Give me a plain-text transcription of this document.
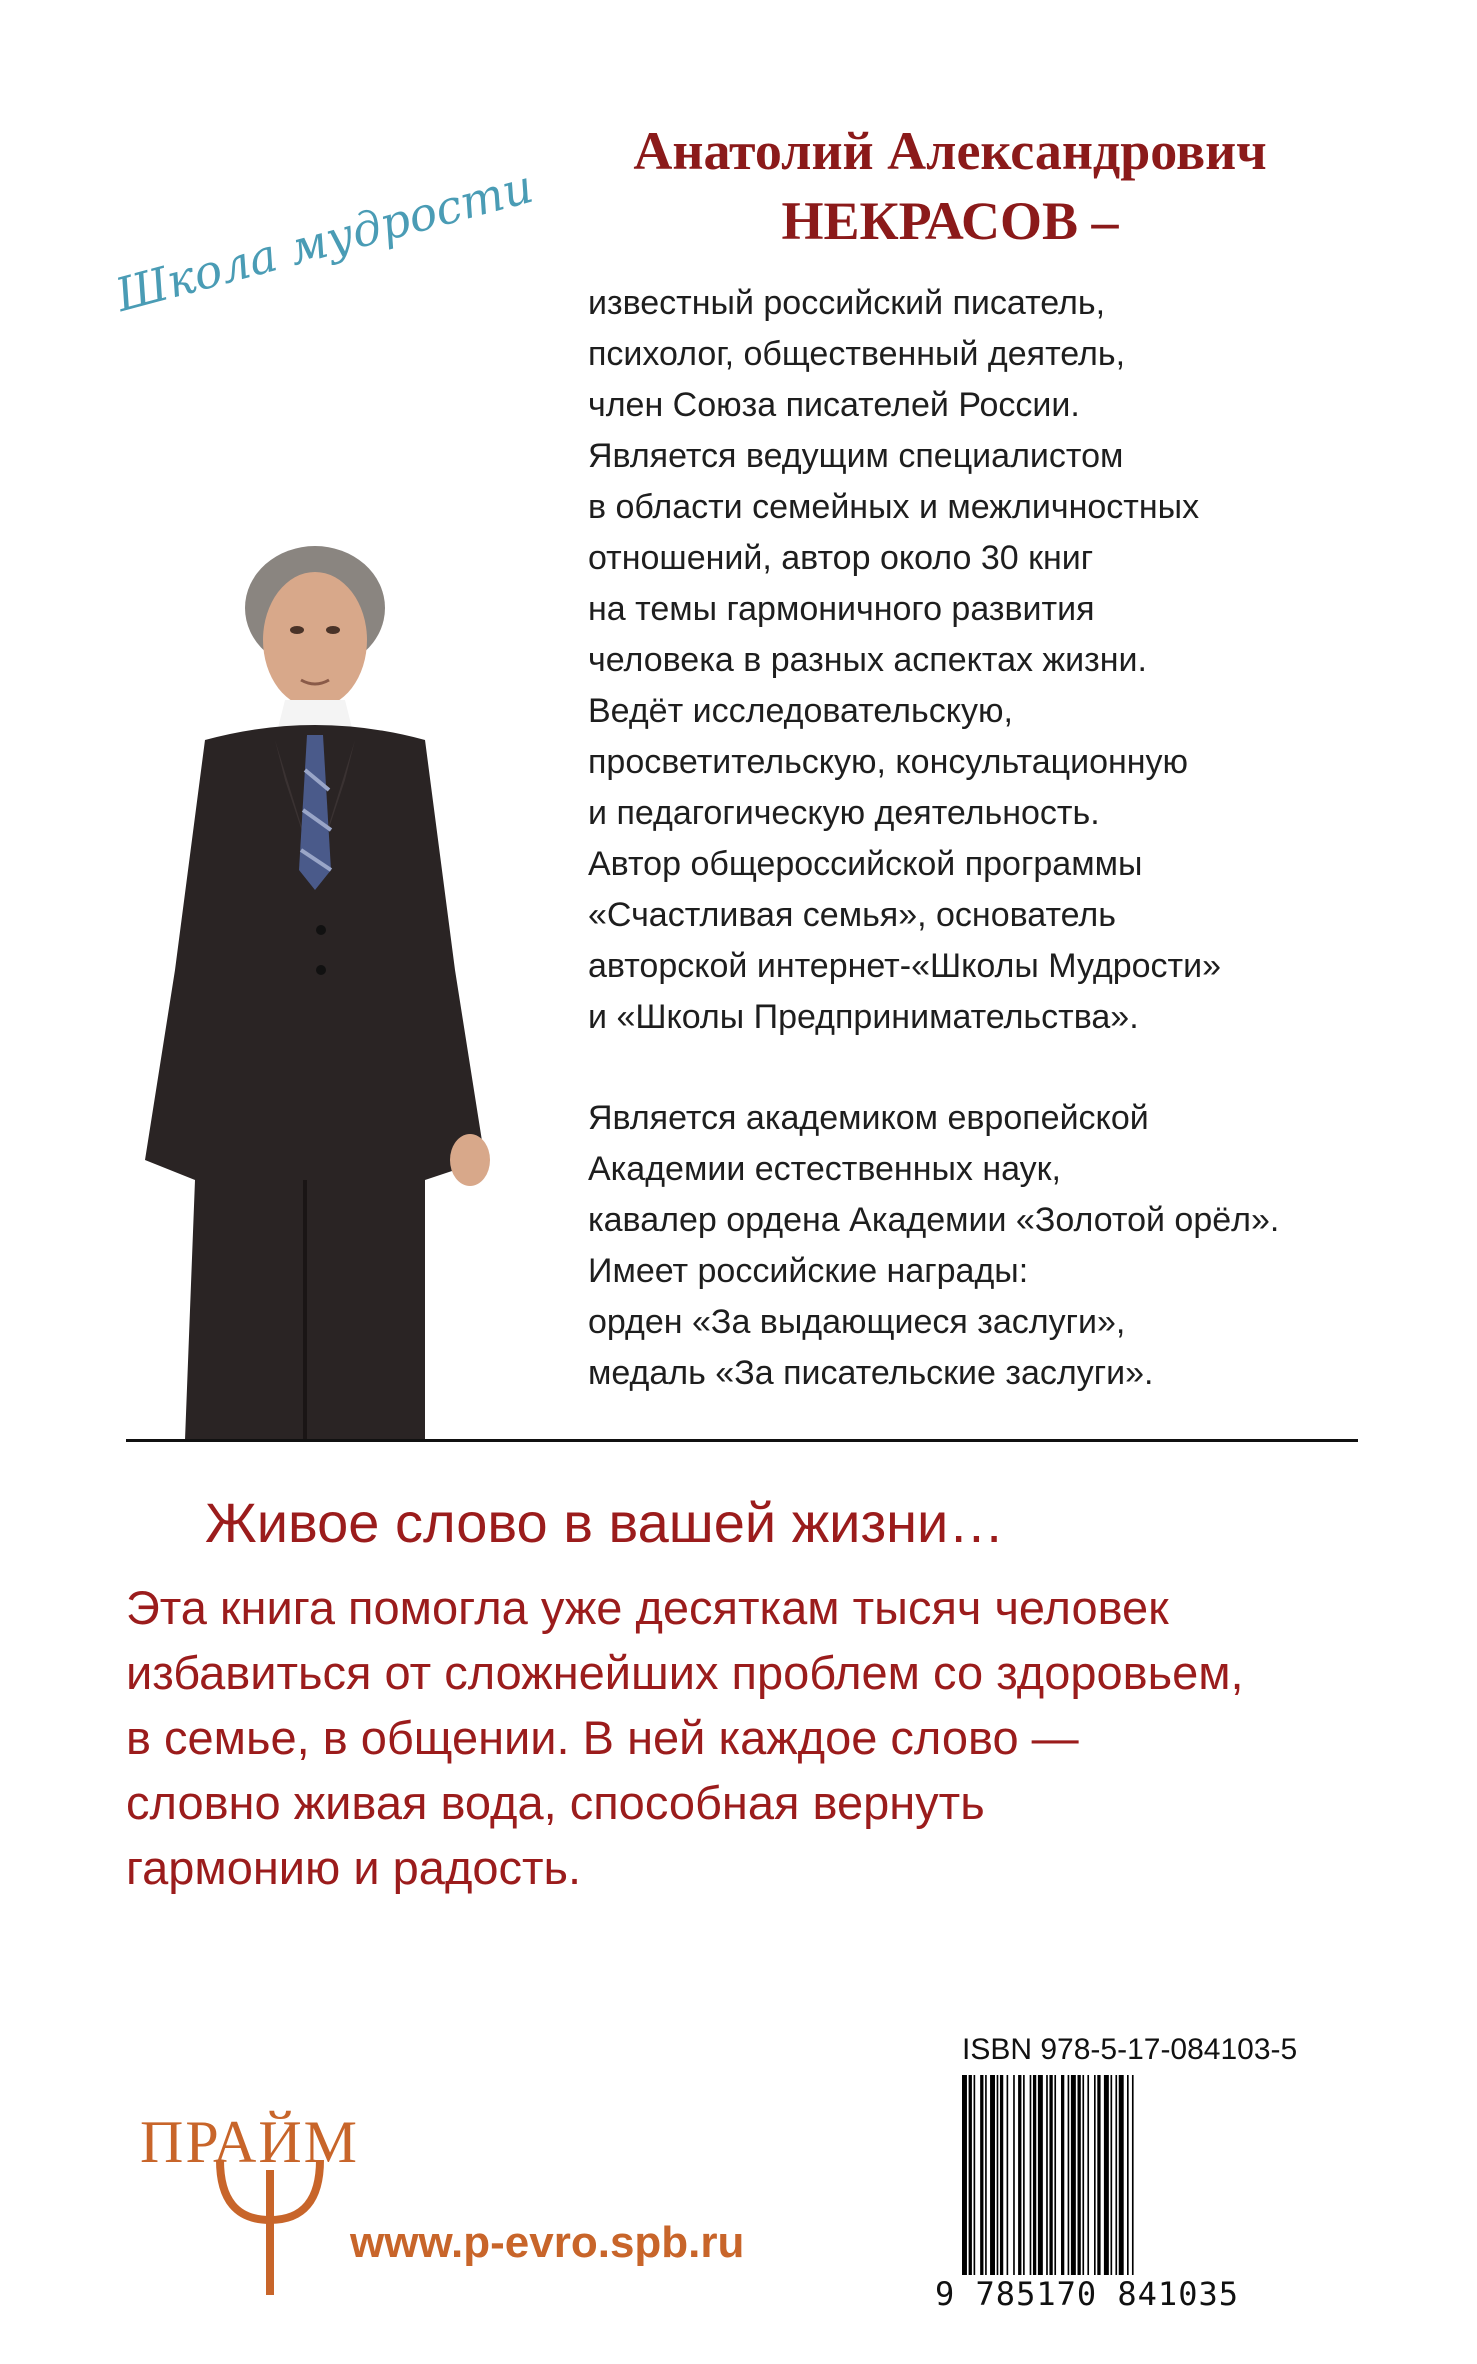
Анатолий Александрович
НЕКРАСОВ –
Школа мудрости	известный российский писатель,

психолог, общественный деятель,

член Союза писателей России.

Является ведущим специалистом

в области семейных и межличностных

отношений, автор около 30 книг

на темы гармоничного развития

человека в разных аспектах жизни.

Ведёт исследовательскую,

просветительскую, консультационную

и педагогическую деятельность.

Автор общероссийской программы

«Счастливая семья», основатель

авторской интернет-«Школы Мудрости»

и «Школы Предпринимательства».

Является академиком европейской

Академии естественных наук,

кавалер ордена Академии «Золотой орёл».

Имеет российские награды:

орден «За выдающиеся заслуги»,

медаль «За писательские заслуги».

Живое слово в вашей жизни…

Эта книга помогла уже десяткам тысяч человек

избавиться от сложнейших проблем со здоровьем,

в семье, в общении. В ней каждое слово —

словно живая вода, способная вернуть

гармонию и радость.

ПРАЙМ
www.p-evro.spb.ru
ISBN 978-5-17-084103-5
9 785170 841035
